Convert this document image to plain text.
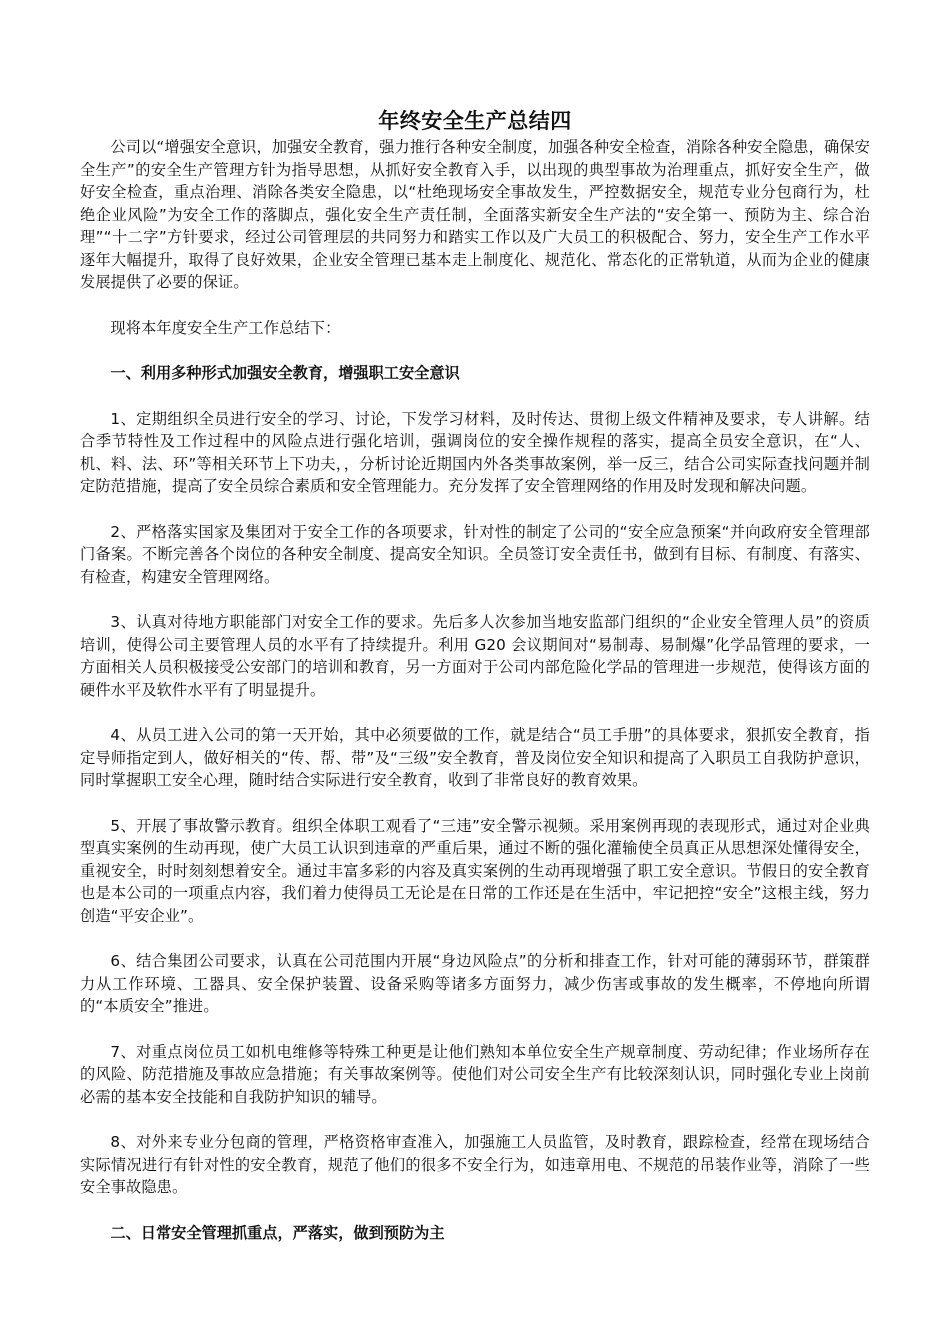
年终安全生产总结四

公司以“增强安全意识，加强安全教育，强力推行各种安全制度，加强各种安全检查，消除各种安全隐患，确保安全生产”的安全生产管理方针为指导思想，从抓好安全教育入手，以出现的典型事故为治理重点，抓好安全生产，做好安全检查，重点治理、消除各类安全隐患，以“杜绝现场安全事故发生，严控数据安全，规范专业分包商行为，杜绝企业风险”为安全工作的落脚点，强化安全生产责任制，全面落实新安全生产法的“安全第一、预防为主、综合治理”“十二字”方针要求，经过公司管理层的共同努力和踏实工作以及广大员工的积极配合、努力，安全生产工作水平逐年大幅提升，取得了良好效果，企业安全管理已基本走上制度化、规范化、常态化的正常轨道，从而为企业的健康发展提供了必要的保证。

现将本年度安全生产工作总结下：

一、利用多种形式加强安全教育，增强职工安全意识

1、定期组织全员进行安全的学习、讨论，下发学习材料，及时传达、贯彻上级文件精神及要求，专人讲解。结合季节特性及工作过程中的风险点进行强化培训，强调岗位的安全操作规程的落实，提高全员安全意识，在“人、机、料、法、环”等相关环节上下功夫，，分析讨论近期国内外各类事故案例，举一反三，结合公司实际查找问题并制定防范措施，提高了安全员综合素质和安全管理能力。充分发挥了安全管理网络的作用及时发现和解决问题。

2、严格落实国家及集团对于安全工作的各项要求，针对性的制定了公司的“安全应急预案“并向政府安全管理部门备案。不断完善各个岗位的各种安全制度、提高安全知识。全员签订安全责任书，做到有目标、有制度、有落实、有检查，构建安全管理网络。

3、认真对待地方职能部门对安全工作的要求。先后多人次参加当地安监部门组织的“企业安全管理人员”的资质培训，使得公司主要管理人员的水平有了持续提升。利用 G20 会议期间对“易制毒、易制爆”化学品管理的要求，一方面相关人员积极接受公安部门的培训和教育，另一方面对于公司内部危险化学品的管理进一步规范，使得该方面的硬件水平及软件水平有了明显提升。

4、从员工进入公司的第一天开始，其中必须要做的工作，就是结合“员工手册”的具体要求，狠抓安全教育，指定导师指定到人，做好相关的“传、帮、带”及“三级”安全教育，普及岗位安全知识和提高了入职员工自我防护意识，同时掌握职工安全心理，随时结合实际进行安全教育，收到了非常良好的教育效果。

5、开展了事故警示教育。组织全体职工观看了“三违”安全警示视频。采用案例再现的表现形式，通过对企业典型真实案例的生动再现，使广大员工认识到违章的严重后果，通过不断的强化灌输使全员真正从思想深处懂得安全，重视安全，时时刻刻想着安全。通过丰富多彩的内容及真实案例的生动再现增强了职工安全意识。节假日的安全教育也是本公司的一项重点内容，我们着力使得员工无论是在日常的工作还是在生活中，牢记把控“安全”这根主线，努力创造“平安企业”。

6、结合集团公司要求，认真在公司范围内开展“身边风险点”的分析和排查工作，针对可能的薄弱环节，群策群力从工作环境、工器具、安全保护装置、设备采购等诸多方面努力，减少伤害或事故的发生概率，不停地向所谓的“本质安全”推进。

7、对重点岗位员工如机电维修等特殊工种更是让他们熟知本单位安全生产规章制度、劳动纪律；作业场所存在的风险、防范措施及事故应急措施；有关事故案例等。使他们对公司安全生产有比较深刻认识，同时强化专业上岗前必需的基本安全技能和自我防护知识的辅导。

8、对外来专业分包商的管理，严格资格审查准入，加强施工人员监管，及时教育，跟踪检查，经常在现场结合实际情况进行有针对性的安全教育，规范了他们的很多不安全行为，如违章用电、不规范的吊装作业等，消除了一些安全事故隐患。

二、日常安全管理抓重点，严落实，做到预防为主
